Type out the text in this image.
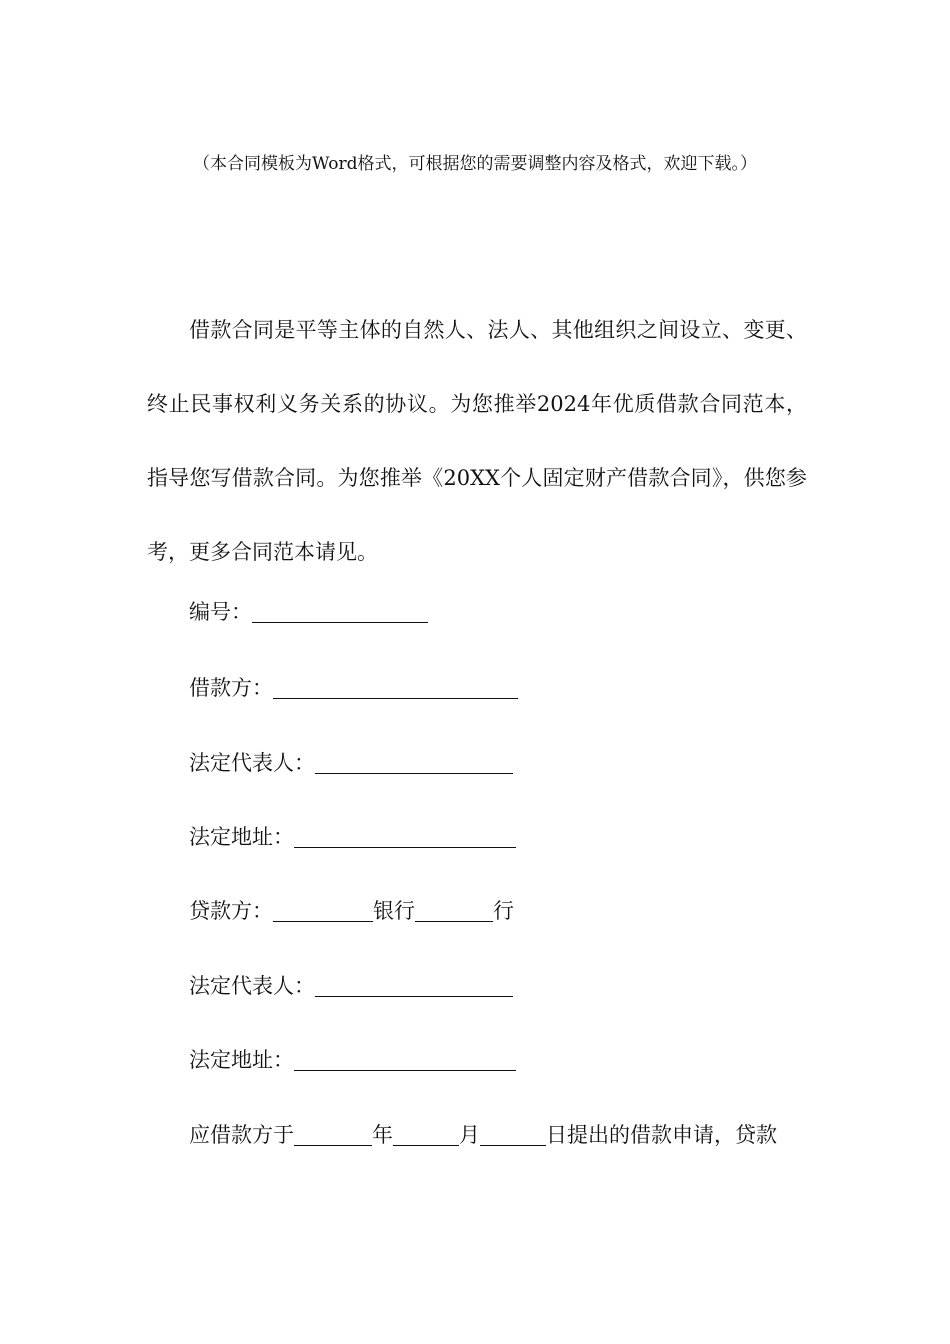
（本合同模板为Word格式，可根据您的需要调整内容及格式，欢迎下载。）

借款合同是平等主体的自然人、法人、其他组织之间设立、变更、终止民事权利义务关系的协议。为您推举2024年优质借款合同范本，指导您写借款合同。为您推举《20XX个人固定财产借款合同》，供您参考，更多合同范本请见。

编号：
借款方：
法定代表人：
法定地址：
贷款方：	银行	行
法定代表人：
法定地址：
应借款方于	年	月	日提出的借款申请，贷款
